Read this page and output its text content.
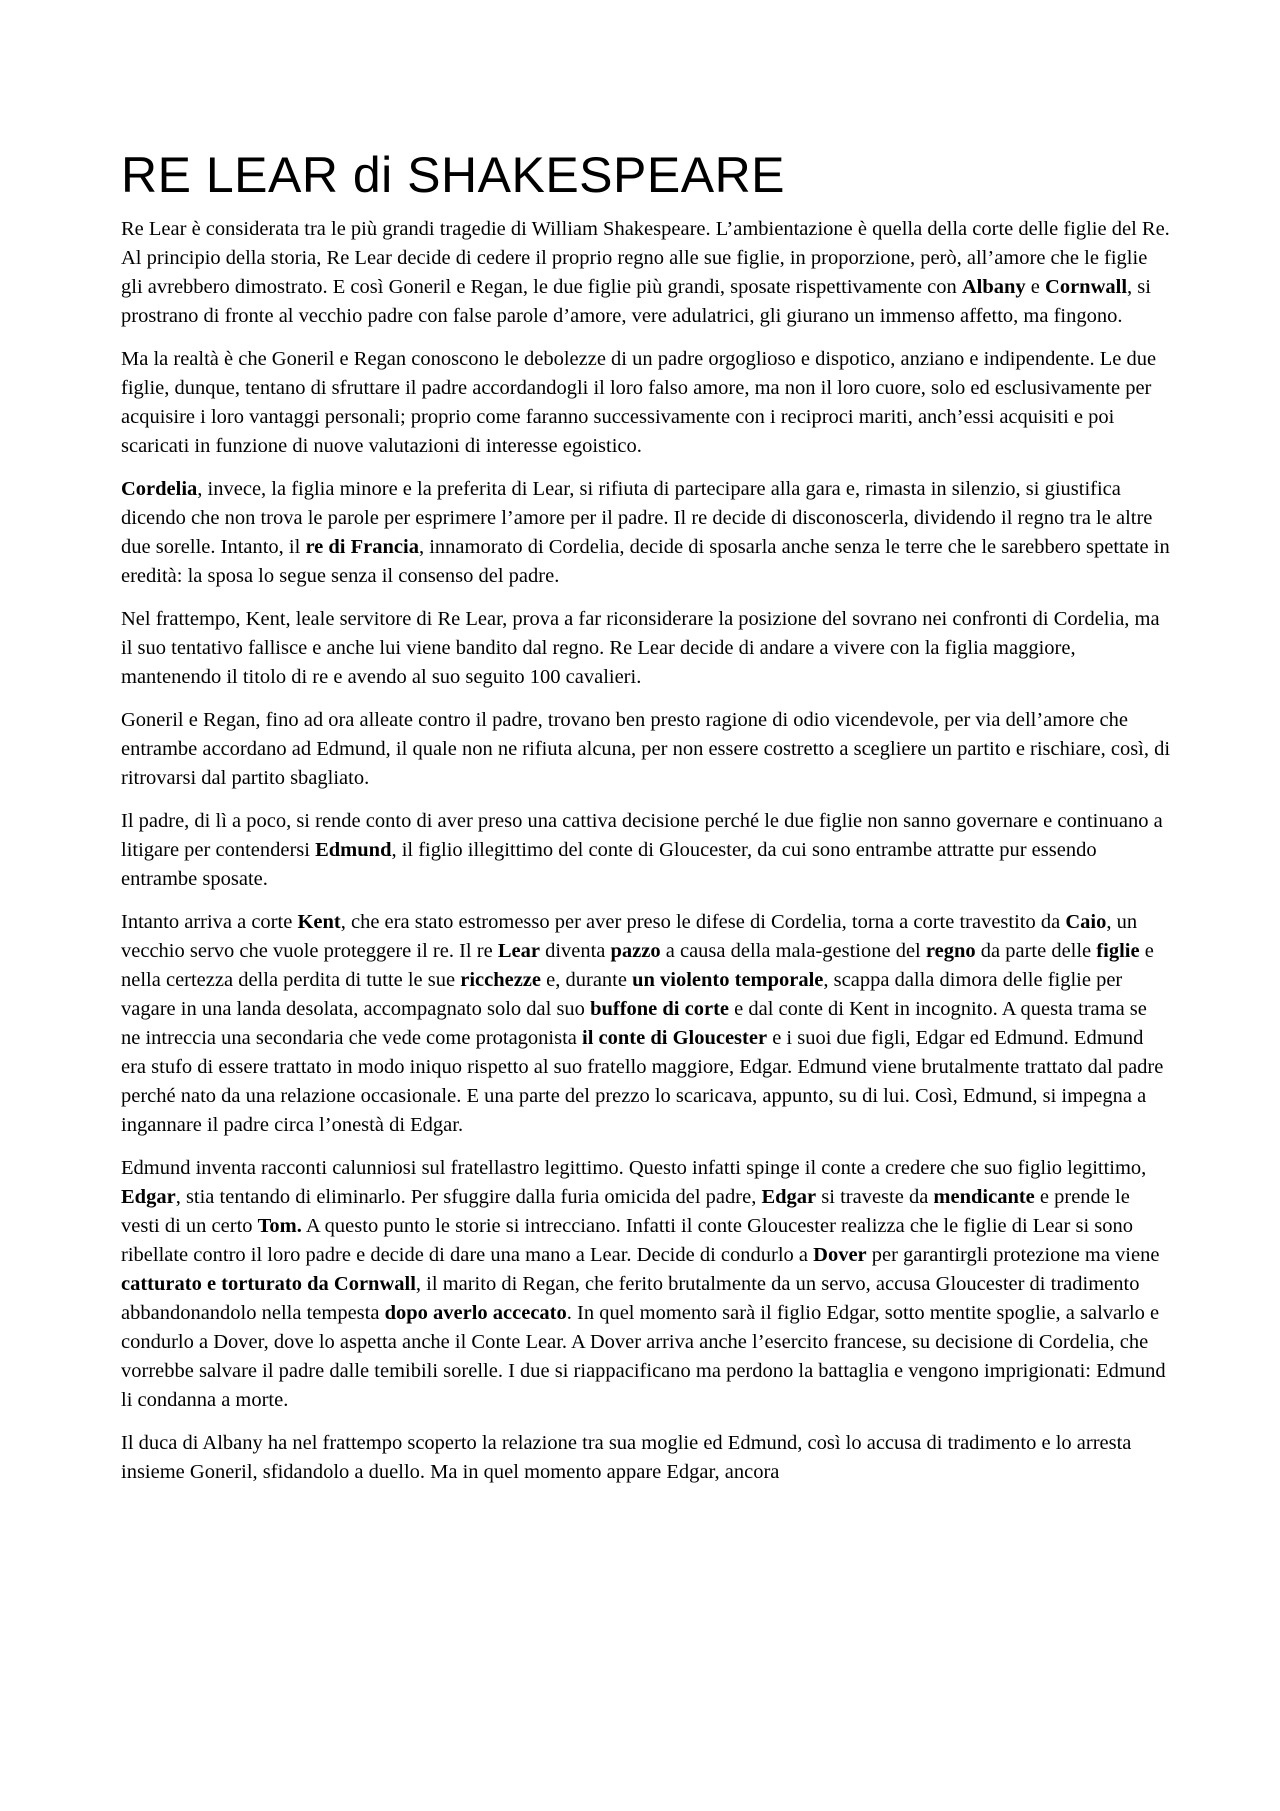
RE LEAR di SHAKESPEARE

Re Lear è considerata tra le più grandi tragedie di William Shakespeare. L’ambientazione è quella della corte delle figlie del Re. Al principio della storia, Re Lear decide di cedere il proprio regno alle sue figlie, in proporzione, però, all’amore che le figlie gli avrebbero dimostrato. E così Goneril e Regan, le due figlie più grandi, sposate rispettivamente con Albany e Cornwall, si prostrano di fronte al vecchio padre con false parole d’amore, vere adulatrici, gli giurano un immenso affetto, ma fingono.

Ma la realtà è che Goneril e Regan conoscono le debolezze di un padre orgoglioso e dispotico, anziano e indipendente. Le due figlie, dunque, tentano di sfruttare il padre accordandogli il loro falso amore, ma non il loro cuore, solo ed esclusivamente per acquisire i loro vantaggi personali; proprio come faranno successivamente con i reciproci mariti, anch’essi acquisiti e poi scaricati in funzione di nuove valutazioni di interesse egoistico.

Cordelia, invece, la figlia minore e la preferita di Lear, si rifiuta di partecipare alla gara e, rimasta in silenzio, si giustifica dicendo che non trova le parole per esprimere l’amore per il padre. Il re decide di disconoscerla, dividendo il regno tra le altre due sorelle. Intanto, il re di Francia, innamorato di Cordelia, decide di sposarla anche senza le terre che le sarebbero spettate in eredità: la sposa lo segue senza il consenso del padre.

Nel frattempo, Kent, leale servitore di Re Lear, prova a far riconsiderare la posizione del sovrano nei confronti di Cordelia, ma il suo tentativo fallisce e anche lui viene bandito dal regno. Re Lear decide di andare a vivere con la figlia maggiore, mantenendo il titolo di re e avendo al suo seguito 100 cavalieri.

Goneril e Regan, fino ad ora alleate contro il padre, trovano ben presto ragione di odio vicendevole, per via dell’amore che entrambe accordano ad Edmund, il quale non ne rifiuta alcuna, per non essere costretto a scegliere un partito e rischiare, così, di ritrovarsi dal partito sbagliato.

Il padre, di lì a poco, si rende conto di aver preso una cattiva decisione perché le due figlie non sanno governare e continuano a litigare per contendersi Edmund, il figlio illegittimo del conte di Gloucester, da cui sono entrambe attratte pur essendo entrambe sposate.

Intanto arriva a corte Kent, che era stato estromesso per aver preso le difese di Cordelia, torna a corte travestito da Caio, un vecchio servo che vuole proteggere il re. Il re Lear diventa pazzo a causa della mala-gestione del regno da parte delle figlie e nella certezza della perdita di tutte le sue ricchezze e, durante un violento temporale, scappa dalla dimora delle figlie per vagare in una landa desolata, accompagnato solo dal suo buffone di corte e dal conte di Kent in incognito. A questa trama se ne intreccia una secondaria che vede come protagonista il conte di Gloucester e i suoi due figli, Edgar ed Edmund. Edmund era stufo di essere trattato in modo iniquo rispetto al suo fratello maggiore, Edgar. Edmund viene brutalmente trattato dal padre perché nato da una relazione occasionale. E una parte del prezzo lo scaricava, appunto, su di lui. Così, Edmund, si impegna a ingannare il padre circa l’onestà di Edgar.

Edmund inventa racconti calunniosi sul fratellastro legittimo. Questo infatti spinge il conte a credere che suo figlio legittimo, Edgar, stia tentando di eliminarlo. Per sfuggire dalla furia omicida del padre, Edgar si traveste da mendicante e prende le vesti di un certo Tom. A questo punto le storie si intrecciano. Infatti il conte Gloucester realizza che le figlie di Lear si sono ribellate contro il loro padre e decide di dare una mano a Lear. Decide di condurlo a Dover per garantirgli protezione ma viene catturato e torturato da Cornwall, il marito di Regan, che ferito brutalmente da un servo, accusa Gloucester di tradimento abbandonandolo nella tempesta dopo averlo accecato. In quel momento sarà il figlio Edgar, sotto mentite spoglie, a salvarlo e condurlo a Dover, dove lo aspetta anche il Conte Lear. A Dover arriva anche l’esercito francese, su decisione di Cordelia, che vorrebbe salvare il padre dalle temibili sorelle. I due si riappacificano ma perdono la battaglia e vengono imprigionati: Edmund li condanna a morte.

Il duca di Albany ha nel frattempo scoperto la relazione tra sua moglie ed Edmund, così lo accusa di tradimento e lo arresta insieme Goneril, sfidandolo a duello. Ma in quel momento appare Edgar, ancora
